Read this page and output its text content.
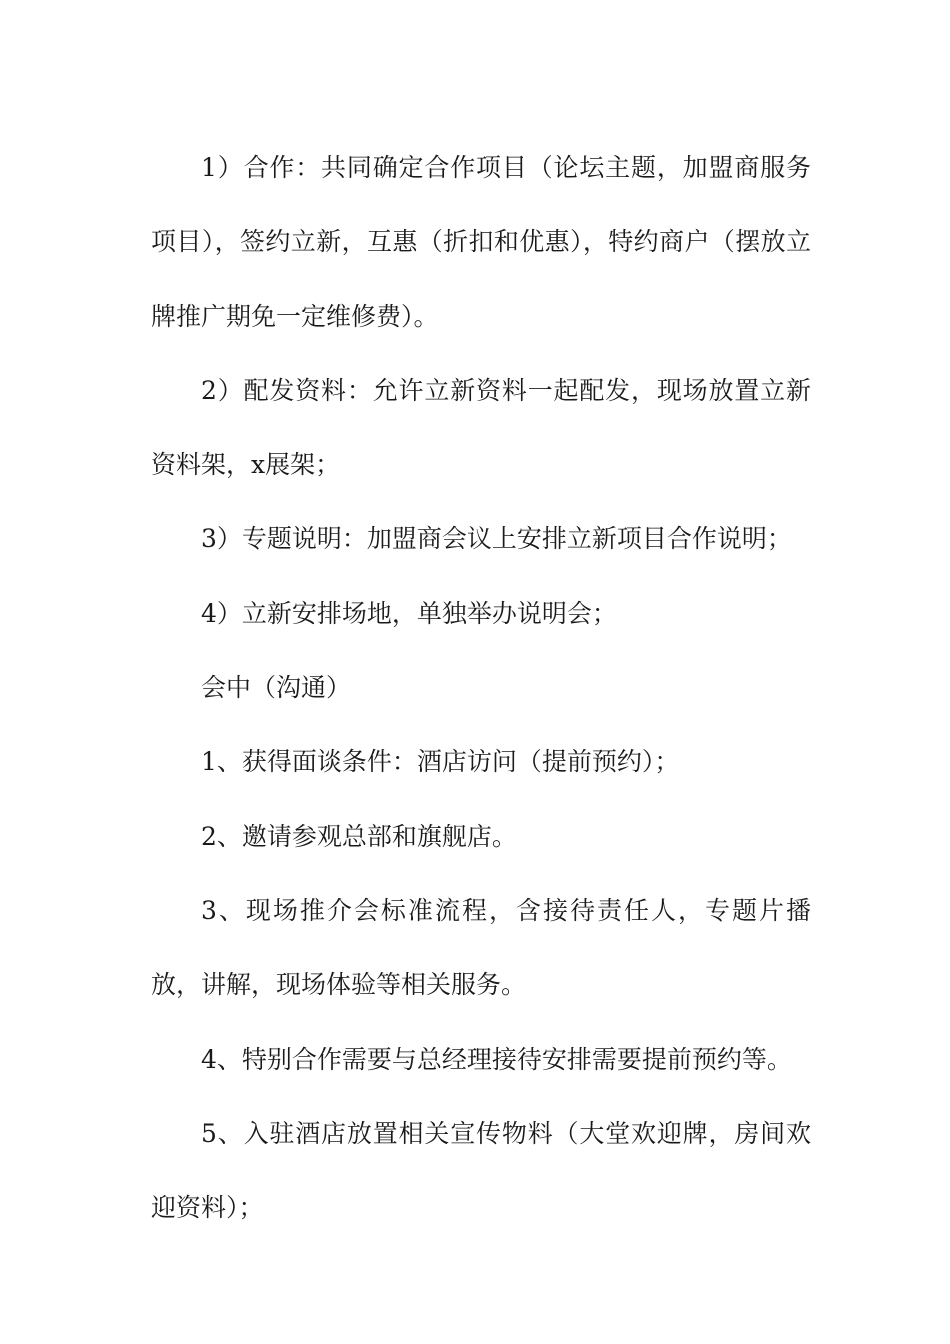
1）合作：共同确定合作项目（论坛主题，加盟商服务项目），签约立新，互惠（折扣和优惠），特约商户（摆放立牌推广期免一定维修费）。

2）配发资料：允许立新资料一起配发，现场放置立新资料架，x展架；

3）专题说明：加盟商会议上安排立新项目合作说明；

4）立新安排场地，单独举办说明会；

会中（沟通）

1、获得面谈条件：酒店访问（提前预约）；

2、邀请参观总部和旗舰店。

3、现场推介会标准流程，含接待责任人，专题片播放，讲解，现场体验等相关服务。

4、特别合作需要与总经理接待安排需要提前预约等。

5、入驻酒店放置相关宣传物料（大堂欢迎牌，房间欢迎资料）；
